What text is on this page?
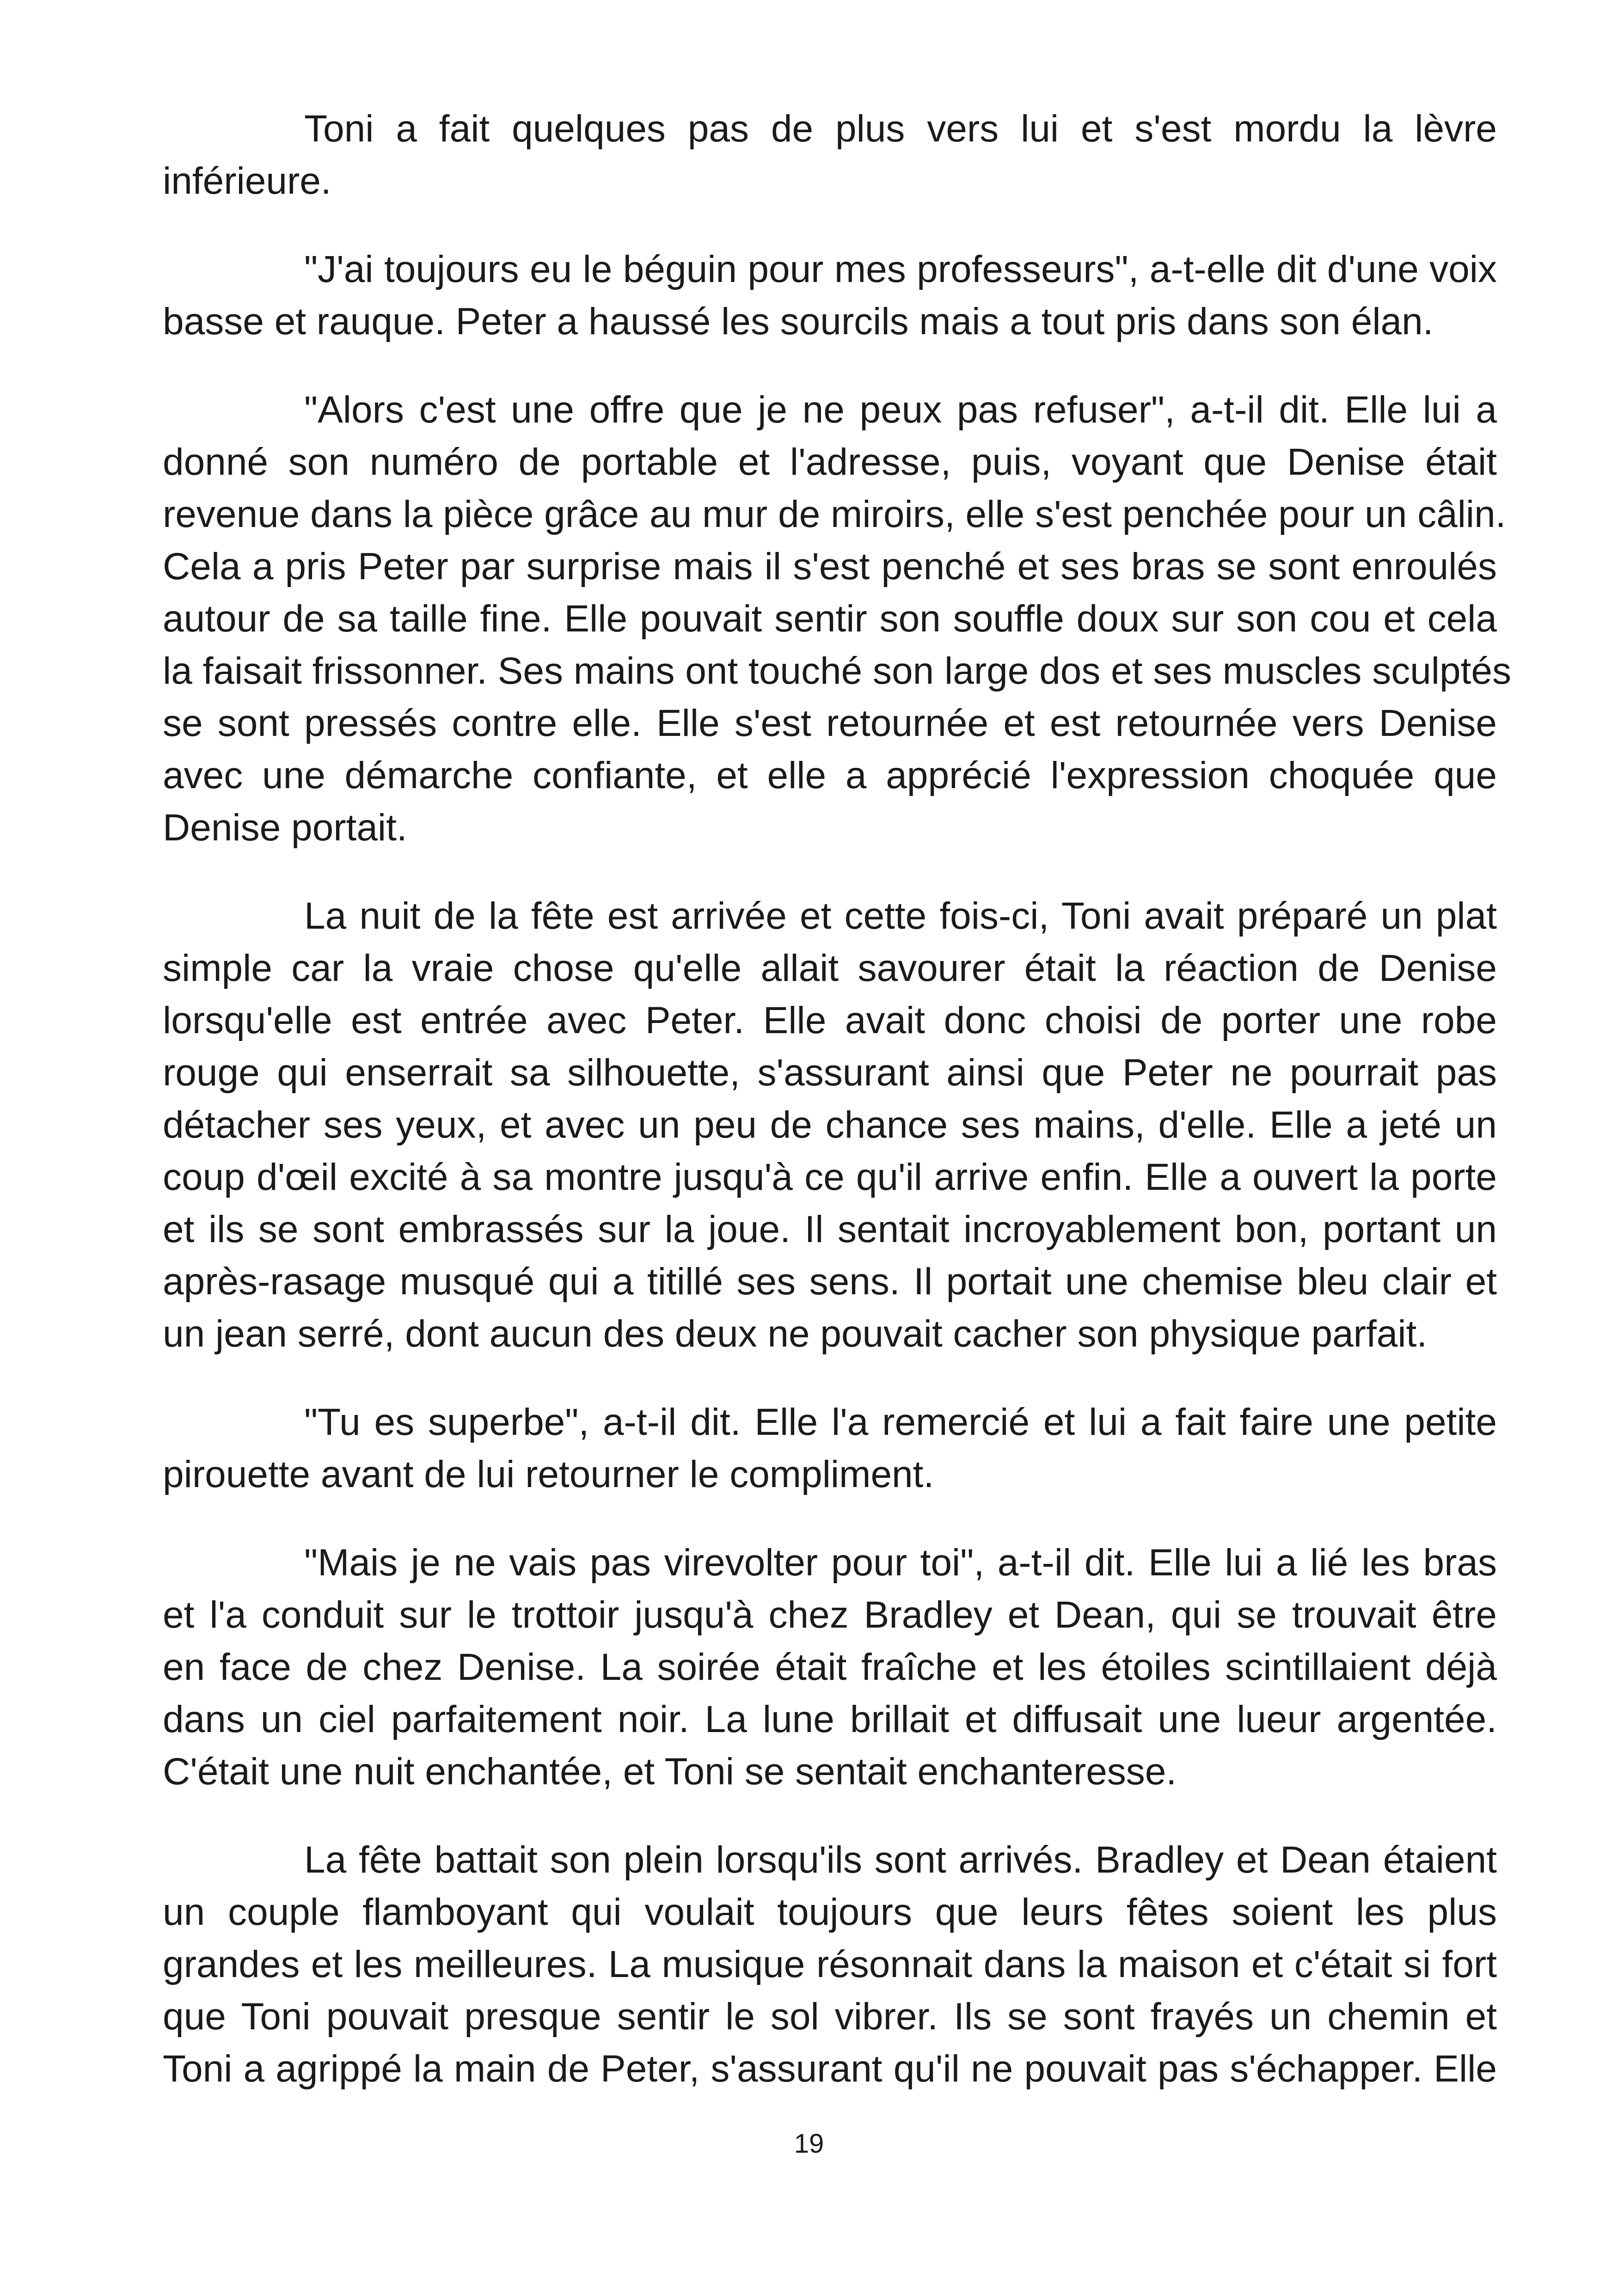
Toni a fait quelques pas de plus vers lui et s'est mordu la lèvre
inférieure.
"J'ai toujours eu le béguin pour mes professeurs", a-t-elle dit d'une voix
basse et rauque. Peter a haussé les sourcils mais a tout pris dans son élan.
"Alors c'est une offre que je ne peux pas refuser", a-t-il dit. Elle lui a
donné son numéro de portable et l'adresse, puis, voyant que Denise était
revenue dans la pièce grâce au mur de miroirs, elle s'est penchée pour un câlin.
Cela a pris Peter par surprise mais il s'est penché et ses bras se sont enroulés
autour de sa taille fine. Elle pouvait sentir son souffle doux sur son cou et cela
la faisait frissonner. Ses mains ont touché son large dos et ses muscles sculptés
se sont pressés contre elle. Elle s'est retournée et est retournée vers Denise
avec une démarche confiante, et elle a apprécié l'expression choquée que
Denise portait.
La nuit de la fête est arrivée et cette fois-ci, Toni avait préparé un plat
simple car la vraie chose qu'elle allait savourer était la réaction de Denise
lorsqu'elle est entrée avec Peter. Elle avait donc choisi de porter une robe
rouge qui enserrait sa silhouette, s'assurant ainsi que Peter ne pourrait pas
détacher ses yeux, et avec un peu de chance ses mains, d'elle. Elle a jeté un
coup d'œil excité à sa montre jusqu'à ce qu'il arrive enfin. Elle a ouvert la porte
et ils se sont embrassés sur la joue. Il sentait incroyablement bon, portant un
après-rasage musqué qui a titillé ses sens. Il portait une chemise bleu clair et
un jean serré, dont aucun des deux ne pouvait cacher son physique parfait.
"Tu es superbe", a-t-il dit. Elle l'a remercié et lui a fait faire une petite
pirouette avant de lui retourner le compliment.
"Mais je ne vais pas virevolter pour toi", a-t-il dit. Elle lui a lié les bras
et l'a conduit sur le trottoir jusqu'à chez Bradley et Dean, qui se trouvait être
en face de chez Denise. La soirée était fraîche et les étoiles scintillaient déjà
dans un ciel parfaitement noir. La lune brillait et diffusait une lueur argentée.
C'était une nuit enchantée, et Toni se sentait enchanteresse.
La fête battait son plein lorsqu'ils sont arrivés. Bradley et Dean étaient
un couple flamboyant qui voulait toujours que leurs fêtes soient les plus
grandes et les meilleures. La musique résonnait dans la maison et c'était si fort
que Toni pouvait presque sentir le sol vibrer. Ils se sont frayés un chemin et
Toni a agrippé la main de Peter, s'assurant qu'il ne pouvait pas s'échapper. Elle
19
